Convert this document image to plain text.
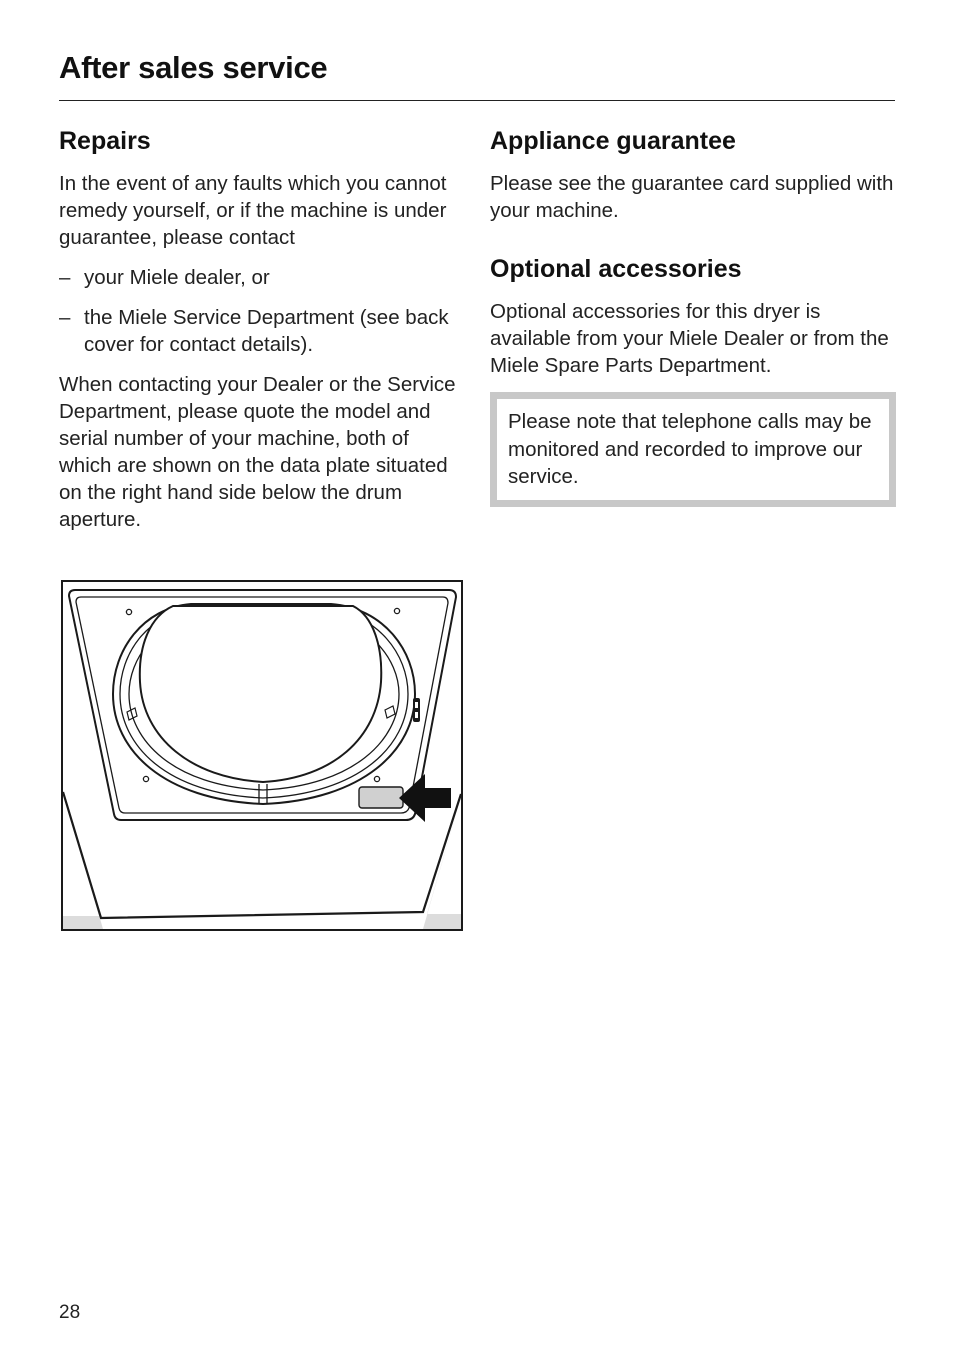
After sales service
Repairs

In the event of any faults which you cannot remedy yourself, or if the machine is under guarantee, please contact

– your Miele dealer, or
– the Miele Service Department (see back cover for contact details).

When contacting your Dealer or the Service Department, please quote the model and serial number of your machine, both of which are shown on the data plate situated on the right hand side below the drum aperture.

Appliance guarantee

Please see the guarantee card supplied with your machine.

Optional accessories

Optional accessories for this dryer is available from your Miele Dealer or from the Miele Spare Parts Department.

Please note that telephone calls may be monitored and recorded to improve our service.

28
